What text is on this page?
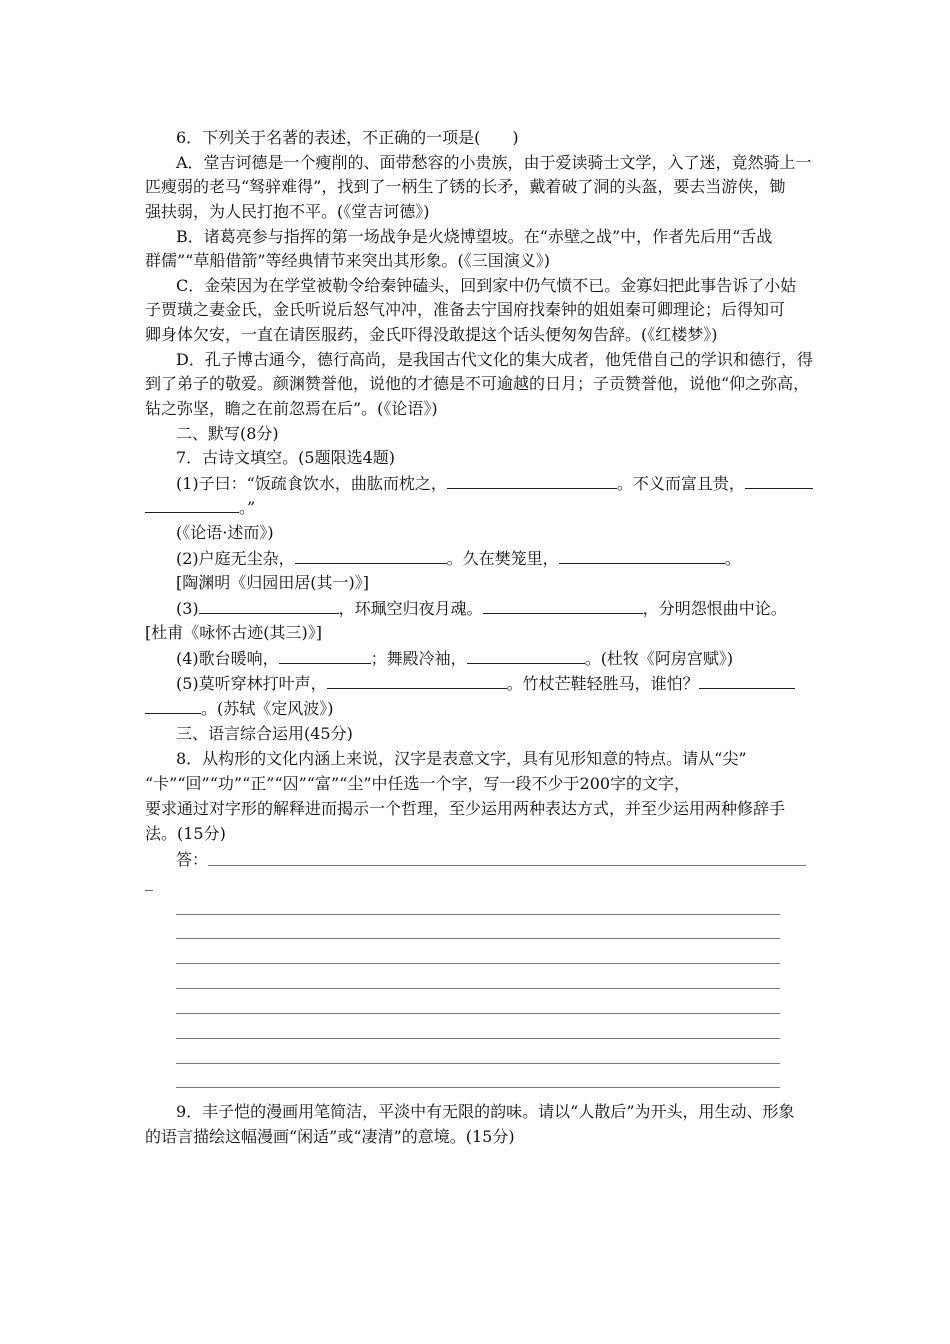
6．下列关于名著的表述，不正确的一项是(　　)
A．堂吉诃德是一个瘦削的、面带愁容的小贵族，由于爱读骑士文学，入了迷，竟然骑上一
匹瘦弱的老马“驽骍难得”，找到了一柄生了锈的长矛，戴着破了洞的头盔，要去当游侠，锄
强扶弱，为人民打抱不平。(《堂吉诃德》)
B．诸葛亮参与指挥的第一场战争是火烧博望坡。在“赤壁之战”中，作者先后用“舌战
群儒”“草船借箭”等经典情节来突出其形象。(《三国演义》)
C．金荣因为在学堂被勒令给秦钟磕头，回到家中仍气愤不已。金寡妇把此事告诉了小姑
子贾璜之妻金氏，金氏听说后怒气冲冲，准备去宁国府找秦钟的姐姐秦可卿理论；后得知可
卿身体欠安，一直在请医服药，金氏吓得没敢提这个话头便匆匆告辞。(《红楼梦》)
D．孔子博古通今，德行高尚，是我国古代文化的集大成者，他凭借自己的学识和德行，得
到了弟子的敬爱。颜渊赞誉他，说他的才德是不可逾越的日月；子贡赞誉他，说他“仰之弥高，
钻之弥坚，瞻之在前忽焉在后”。(《论语》)
二、默写(8分)
7．古诗文填空。(5题限选4题)
(1)子曰：“饭疏食饮水，曲肱而枕之，	。不义而富且贵，
。”
(《论语·述而》)
(2)户庭无尘杂，	。久在樊笼里，	。
[陶渊明《归园田居(其一)》]
(3)	，环珮空归夜月魂。	，分明怨恨曲中论。
[杜甫《咏怀古迹(其三)》]
(4)歌台暖响，	；舞殿冷袖，	。(杜牧《阿房宫赋》)
(5)莫听穿林打叶声，	。竹杖芒鞋轻胜马，谁怕？
。(苏轼《定风波》)
三、语言综合运用(45分)
8．从构形的文化内涵上来说，汉字是表意文字，具有见形知意的特点。请从“尖”
“卡”“回”“功”“正”“囚”“富”“尘”中任选一个字，写一段不少于200字的文字，
要求通过对字形的解释进而揭示一个哲理，至少运用两种表达方式，并至少运用两种修辞手
法。(15分)
答：
_
9．丰子恺的漫画用笔简洁，平淡中有无限的韵味。请以“人散后”为开头，用生动、形象
的语言描绘这幅漫画“闲适”或“凄清”的意境。(15分)
